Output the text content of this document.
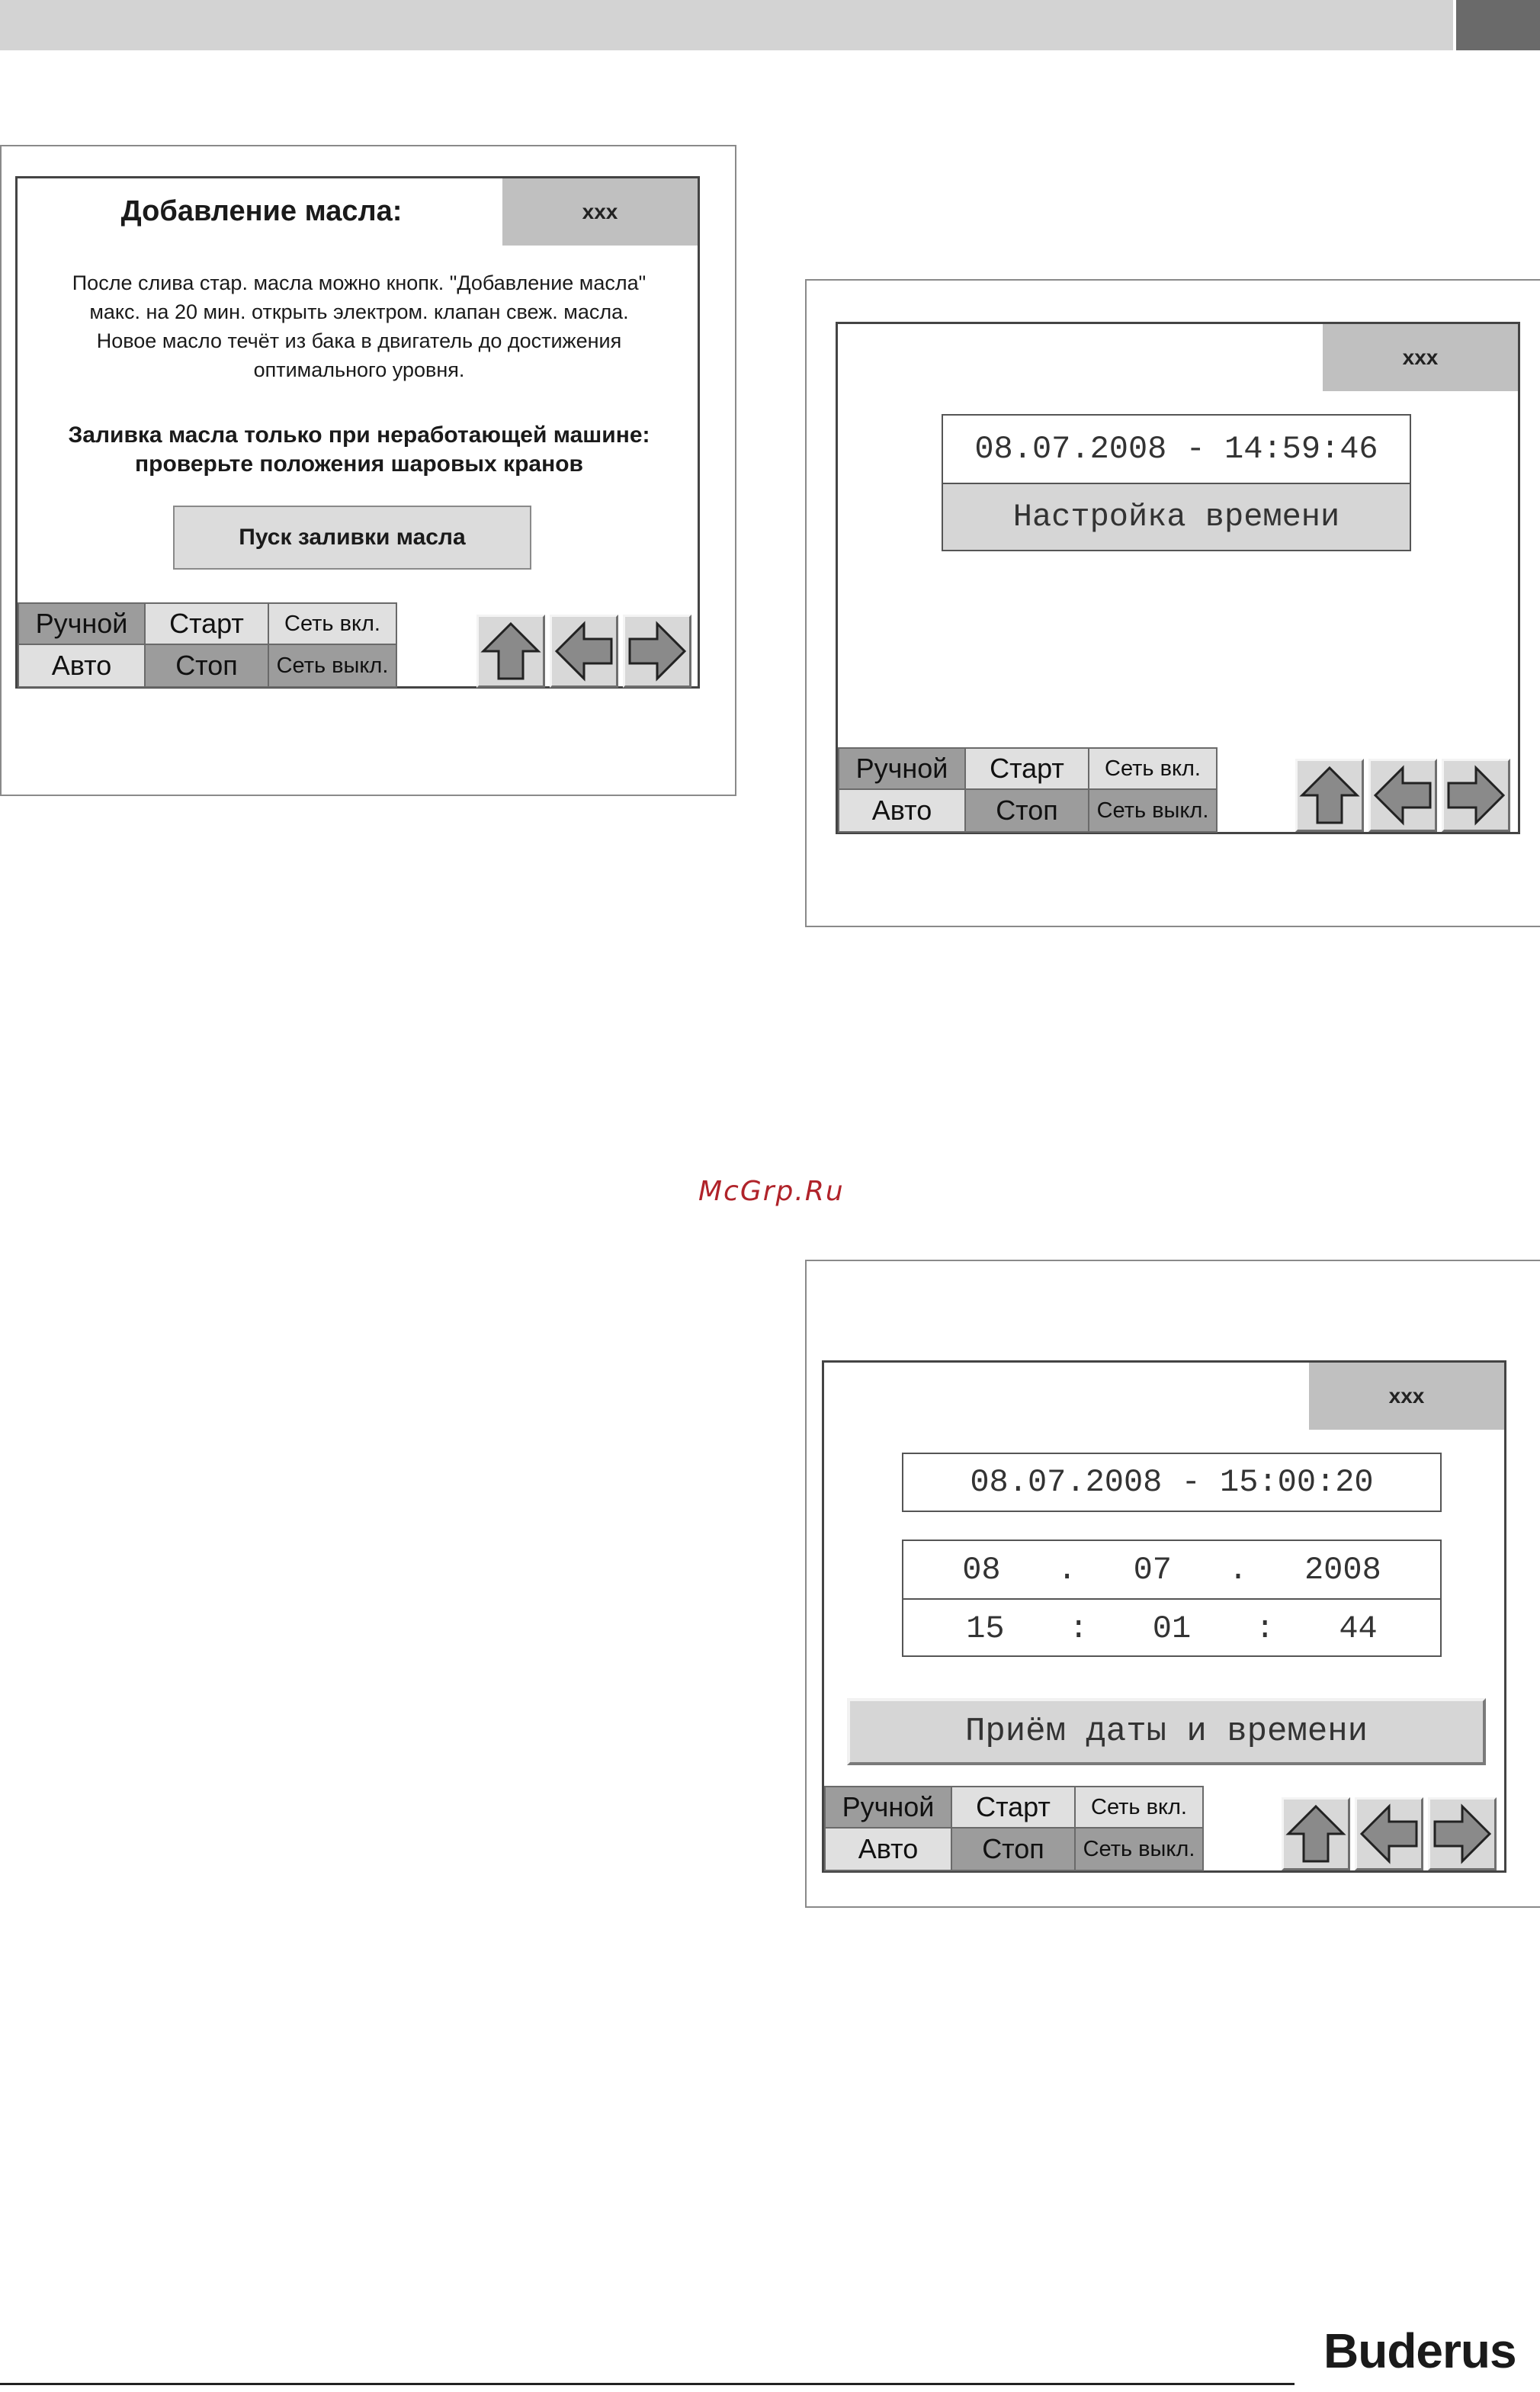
Добавление масла:	xxx
После слива стар. масла можно кнопк. "Добавление масла"
макс. на 20 мин. открыть электром. клапан свеж. масла.
Новое масло течёт из бака в двигатель до достижения
оптимального уровня.
Заливка масла только при неработающей машине:
проверьте положения шаровых кранов
Пуск заливки масла
Ручной	Старт	Сеть вкл.
Авто	Стоп	Сеть выкл.
xxx
08.07.2008 - 14:59:46
Настройка времени
Ручной	Старт	Сеть вкл.
Авто	Стоп	Сеть выкл.
McGrp.Ru
xxx
08.07.2008 - 15:00:20
08 . 07 . 2008
15 : 01 : 44
Приём даты и времени
Ручной	Старт	Сеть вкл.
Авто	Стоп	Сеть выкл.
Buderus
